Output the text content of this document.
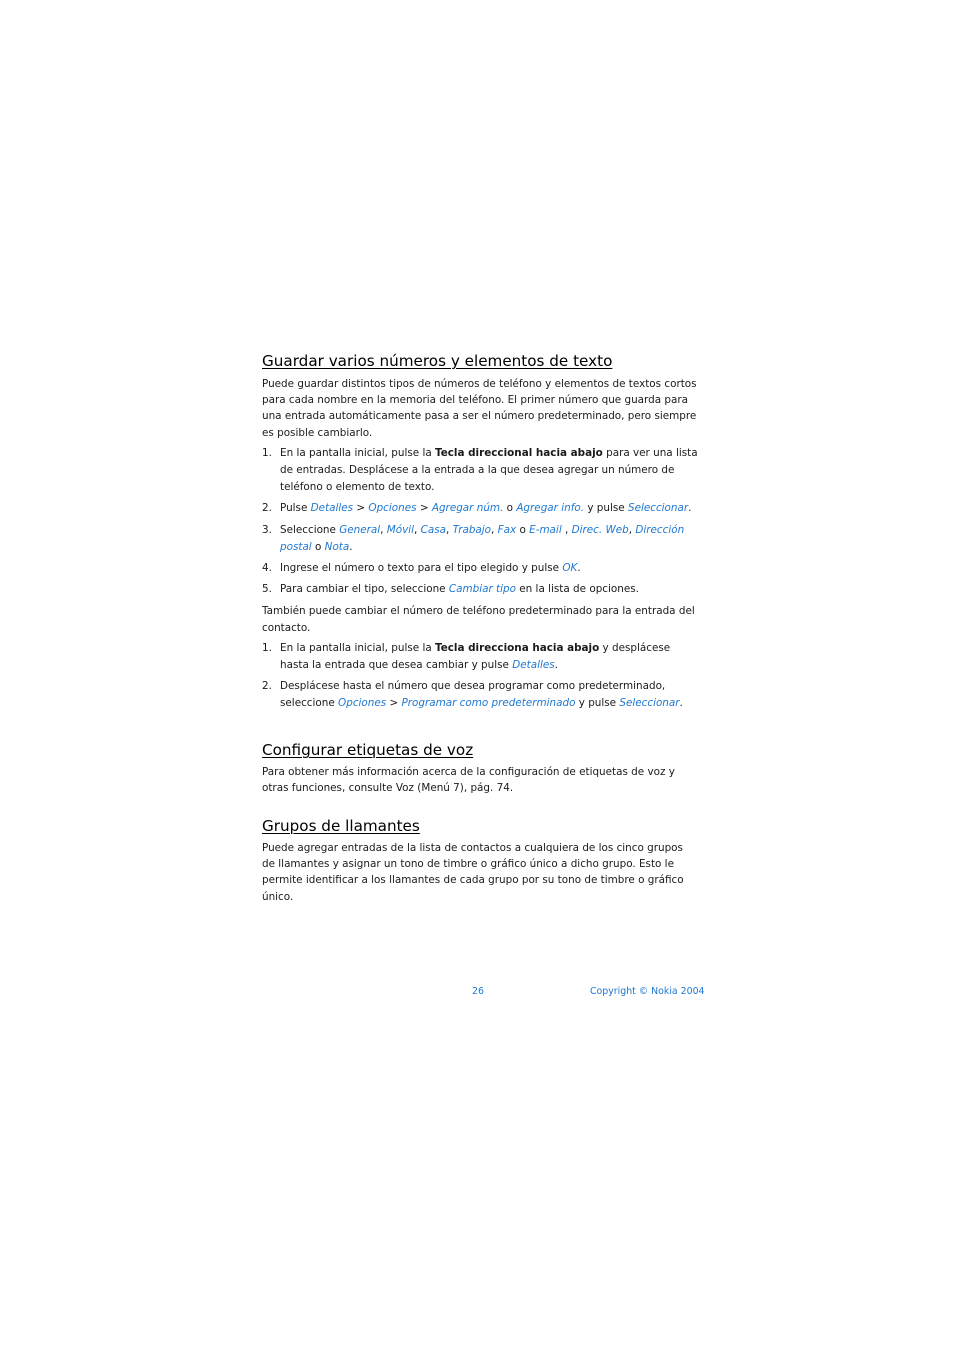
Guardar varios números y elementos de texto

Puede guardar distintos tipos de números de teléfono y elementos de textos cortos para cada nombre en la memoria del teléfono. El primer número que guarda para una entrada automáticamente pasa a ser el número predeterminado, pero siempre es posible cambiarlo.

1. En la pantalla inicial, pulse la Tecla direccional hacia abajo para ver una lista de entradas. Desplácese a la entrada a la que desea agregar un número de teléfono o elemento de texto.
2. Pulse Detalles > Opciones > Agregar núm. o Agregar info. y pulse Seleccionar.
3. Seleccione General, Móvil, Casa, Trabajo, Fax o E-mail , Direc. Web, Dirección postal o Nota.
4. Ingrese el número o texto para el tipo elegido y pulse OK.
5. Para cambiar el tipo, seleccione Cambiar tipo en la lista de opciones.

También puede cambiar el número de teléfono predeterminado para la entrada del contacto.

1. En la pantalla inicial, pulse la Tecla direcciona hacia abajo y desplácese hasta la entrada que desea cambiar y pulse Detalles.
2. Desplácese hasta el número que desea programar como predeterminado, seleccione Opciones > Programar como predeterminado y pulse Seleccionar.
Configurar etiquetas de voz

Para obtener más información acerca de la configuración de etiquetas de voz y otras funciones, consulte Voz (Menú 7), pág. 74.

Grupos de llamantes

Puede agregar entradas de la lista de contactos a cualquiera de los cinco grupos de llamantes y asignar un tono de timbre o gráfico único a dicho grupo. Esto le permite identificar a los llamantes de cada grupo por su tono de timbre o gráfico único.

26	Copyright © Nokia 2004
